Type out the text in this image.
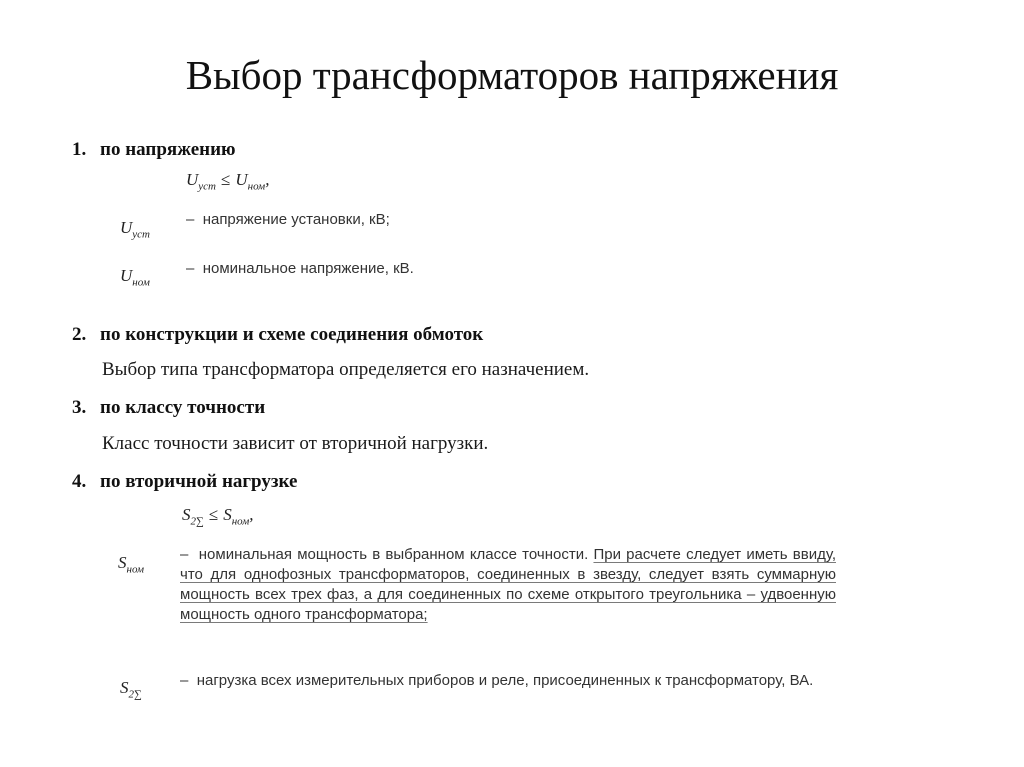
Выбор трансформаторов напряжения
1. по напряжению
$U_{уст} \le U_{ном}$,
$U_{уст}$
– напряжение установки, кВ;
$U_{ном}$
– номинальное напряжение, кВ.
2. по конструкции и схеме соединения обмоток
Выбор типа трансформатора определяется его назначением.
3. по классу точности
Класс точности зависит от вторичной нагрузки.
4. по вторичной нагрузке
$S_{2\sum} \le S_{ном}$,
$S_{ном}$
– номинальная мощность в выбранном классе точности. При расчете следует иметь ввиду, что для однофозных трансформаторов, соединенных в звезду, следует взять суммарную мощность всех трех фаз, а для соединенных по схеме открытого треугольника – удвоенную мощность одного трансформатора;
$S_{2\sum}$
– нагрузка всех измерительных приборов и реле, присоединенных к трансформатору, ВА.
